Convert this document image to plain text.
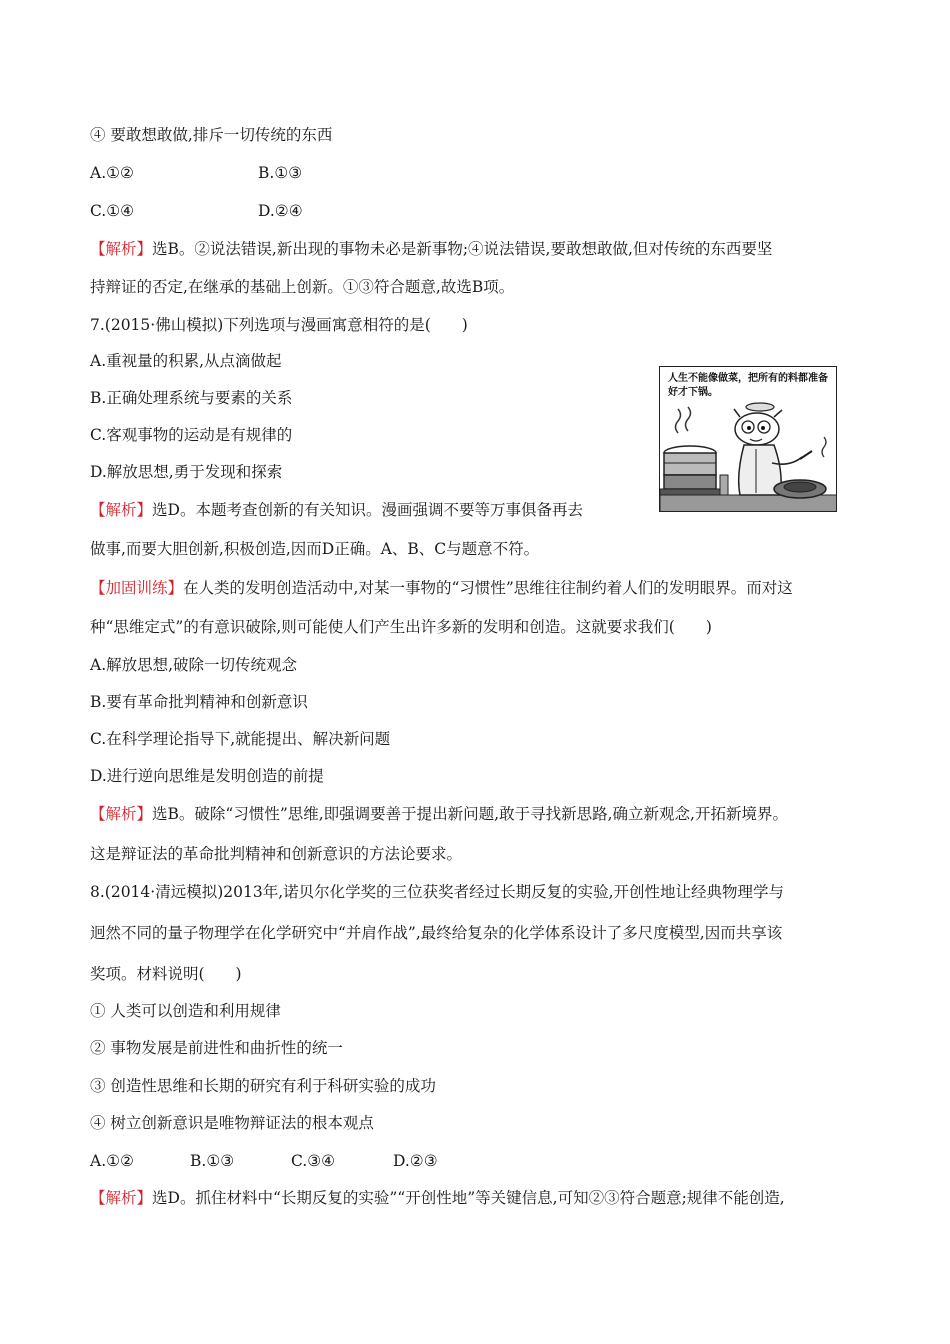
④ 要敢想敢做,排斥一切传统的东西
A.①②	B.①③
C.①④	D.②④
【解析】选B。②说法错误,新出现的事物未必是新事物;④说法错误,要敢想敢做,但对传统的东西要坚
持辩证的否定,在继承的基础上创新。①③符合题意,故选B项。
7.(2015·佛山模拟)下列选项与漫画寓意相符的是(　　)
A.重视量的积累,从点滴做起
B.正确处理系统与要素的关系
C.客观事物的运动是有规律的
D.解放思想,勇于发现和探索
【解析】选D。本题考查创新的有关知识。漫画强调不要等万事俱备再去
做事,而要大胆创新,积极创造,因而D正确。A、B、C与题意不符。
人生不能像做菜，把所有的料都准备好才下锅。
【加固训练】在人类的发明创造活动中,对某一事物的“习惯性”思维往往制约着人们的发明眼界。而对这
种“思维定式”的有意识破除,则可能使人们产生出许多新的发明和创造。这就要求我们(　　)
A.解放思想,破除一切传统观念
B.要有革命批判精神和创新意识
C.在科学理论指导下,就能提出、解决新问题
D.进行逆向思维是发明创造的前提
【解析】选B。破除“习惯性”思维,即强调要善于提出新问题,敢于寻找新思路,确立新观念,开拓新境界。
这是辩证法的革命批判精神和创新意识的方法论要求。
8.(2014·清远模拟)2013年,诺贝尔化学奖的三位获奖者经过长期反复的实验,开创性地让经典物理学与
迥然不同的量子物理学在化学研究中“并肩作战”,最终给复杂的化学体系设计了多尺度模型,因而共享该
奖项。材料说明(　　)
① 人类可以创造和利用规律
② 事物发展是前进性和曲折性的统一
③ 创造性思维和长期的研究有利于科研实验的成功
④ 树立创新意识是唯物辩证法的根本观点
A.①②	B.①③	C.③④	D.②③
【解析】选D。抓住材料中“长期反复的实验”“开创性地”等关键信息,可知②③符合题意;规律不能创造,
